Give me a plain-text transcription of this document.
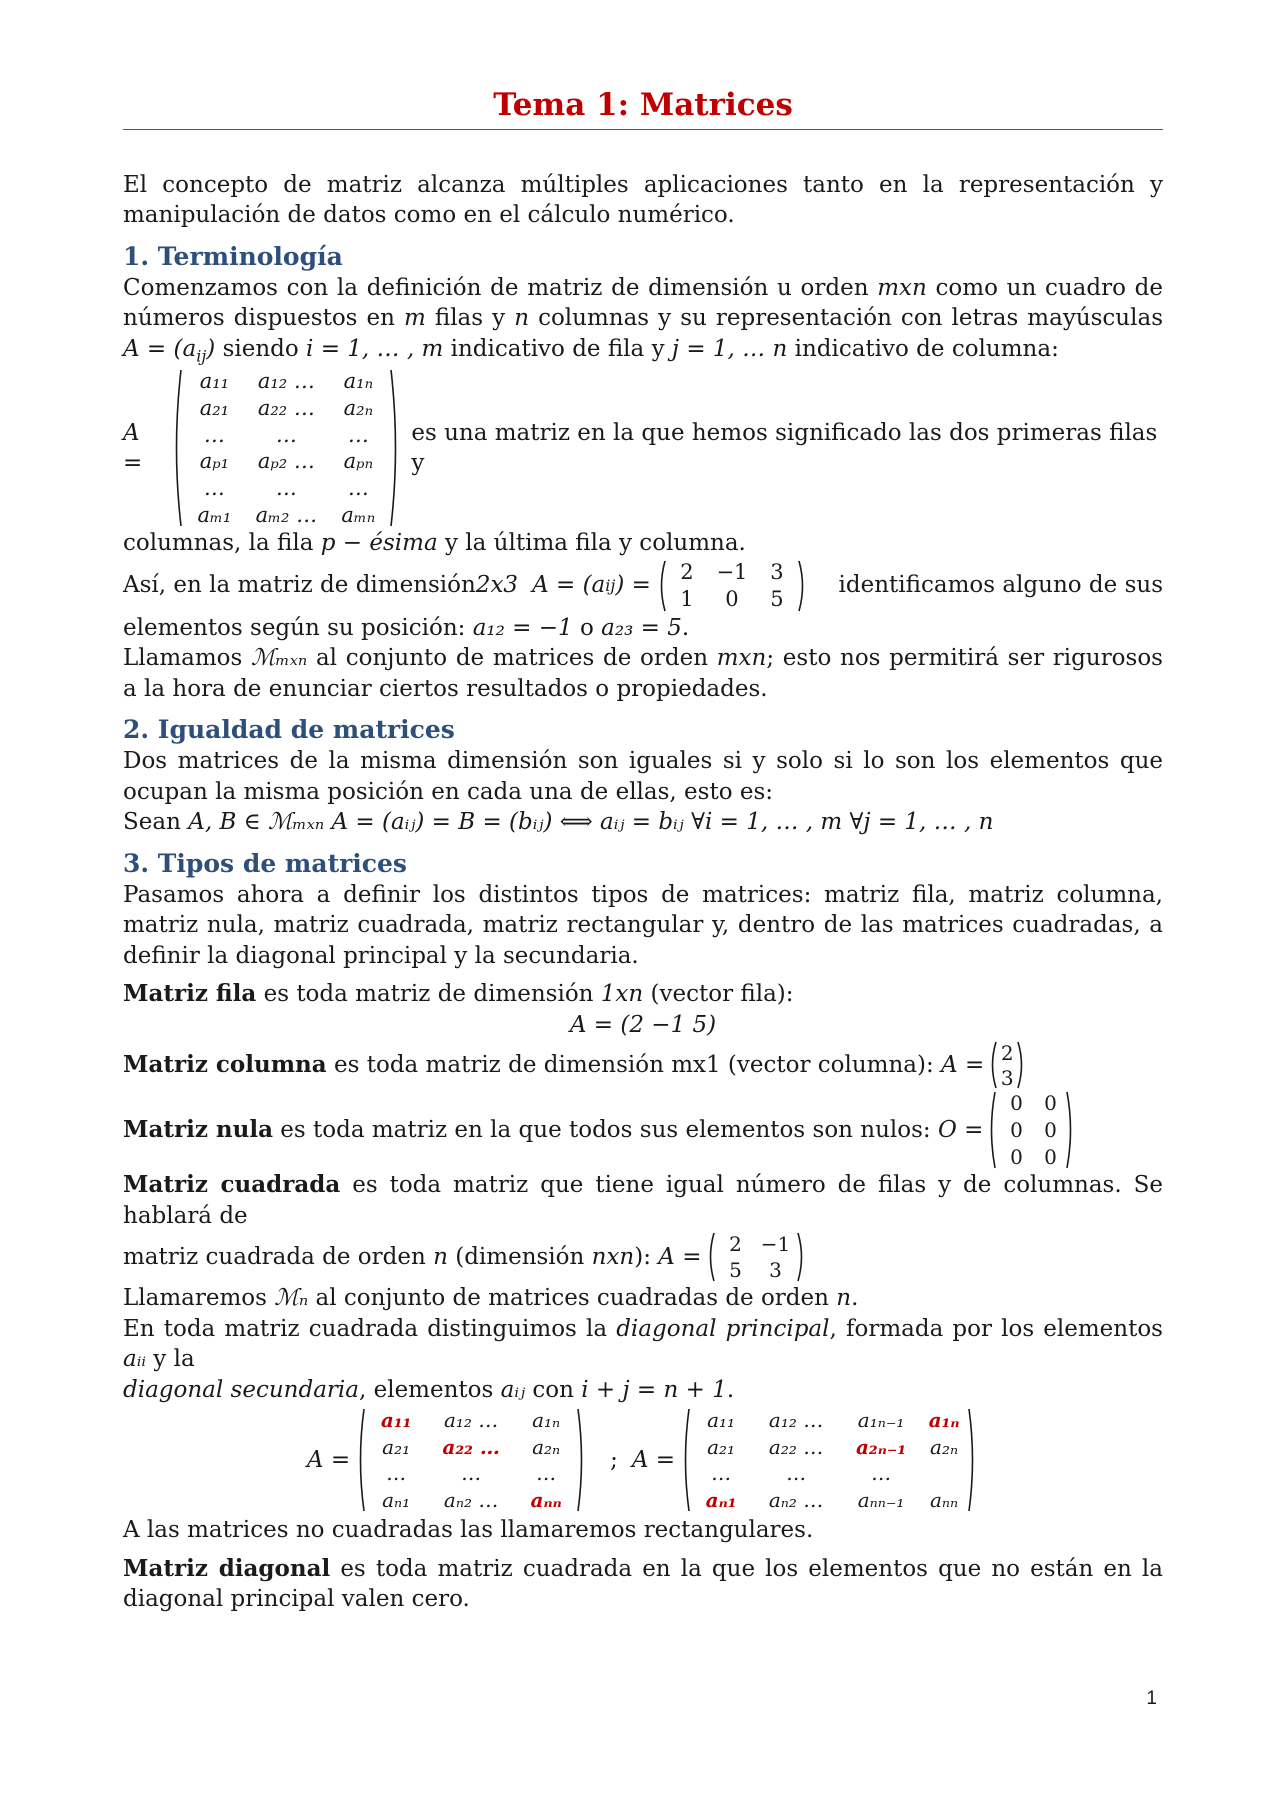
Tema 1: Matrices

El concepto de matriz alcanza múltiples aplicaciones tanto en la representación y manipulación de datos como en el cálculo numérico.

1. Terminología

Comenzamos con la definición de matriz de dimensión u orden mxn como un cuadro de números dispuestos en m filas y n columnas y su representación con letras mayúsculas $A = (a_{ij})$ siendo i = 1, … , m indicativo de fila y j = 1, … n indicativo de columna:

A =
a₁₁	a₁₂ …	a₁ₙ
a₂₁	a₂₂ …	a₂ₙ
…	…	…
aₚ₁	aₚ₂ …	aₚₙ
…	…	…
aₘ₁	aₘ₂ …	aₘₙ
es una matriz en la que hemos significado las dos primeras filas y

columnas, la fila p − ésima y la última fila y columna.

Así, en la matriz de dimensión 2x3 A = (a ij ) =
2	−1	3
1	0	5
identificamos alguno de sus

elementos según su posición: a₁₂ = −1 o a₂₃ = 5.

Llamamos ℳₘₓₙ al conjunto de matrices de orden mxn; esto nos permitirá ser rigurosos a la hora de enunciar ciertos resultados o propiedades.

2. Igualdad de matrices

Dos matrices de la misma dimensión son iguales si y solo si lo son los elementos que ocupan la misma posición en cada una de ellas, esto es:

Sean A, B ∈ ℳₘₓₙ A = (aᵢⱼ) = B = (bᵢⱼ) ⟺ aᵢⱼ = bᵢⱼ ∀i = 1, … , m ∀j = 1, … , n

3. Tipos de matrices

Pasamos ahora a definir los distintos tipos de matrices: matriz fila, matriz columna, matriz nula, matriz cuadrada, matriz rectangular y, dentro de las matrices cuadradas, a definir la diagonal principal y la secundaria.

Matriz fila es toda matriz de dimensión 1xn (vector fila):

A = (2 −1 5)

Matriz columna es toda matriz de dimensión mx1 (vector columna): A = 2
3
Matriz nula es toda matriz en la que todos sus elementos son nulos: O =
0	0
0	0
0	0

Matriz cuadrada es toda matriz que tiene igual número de filas y de columnas. Se hablará de

matriz cuadrada de orden n (dimensión nxn ): A =	2 −1
5	3

Llamaremos ℳₙ al conjunto de matrices cuadradas de orden n.

En toda matriz cuadrada distinguimos la diagonal principal, formada por los elementos aᵢᵢ y la
diagonal secundaria, elementos aᵢⱼ con i + j = n + 1.

A =
a₁₁	a₁₂ …	a₁ₙ
a₂₁	a₂₂ …	a₂ₙ
…	…	…
aₙ₁	aₙ₂ …	aₙₙ
; A =
a₁₁	a₁₂ …	a₁ₙ₋₁	a₁ₙ
a₂₁	a₂₂ …	a₂ₙ₋₁	a₂ₙ
…	…	…
aₙ₁	aₙ₂ …	aₙₙ₋₁	aₙₙ

A las matrices no cuadradas las llamaremos rectangulares.

Matriz diagonal es toda matriz cuadrada en la que los elementos que no están en la diagonal principal valen cero.

1
